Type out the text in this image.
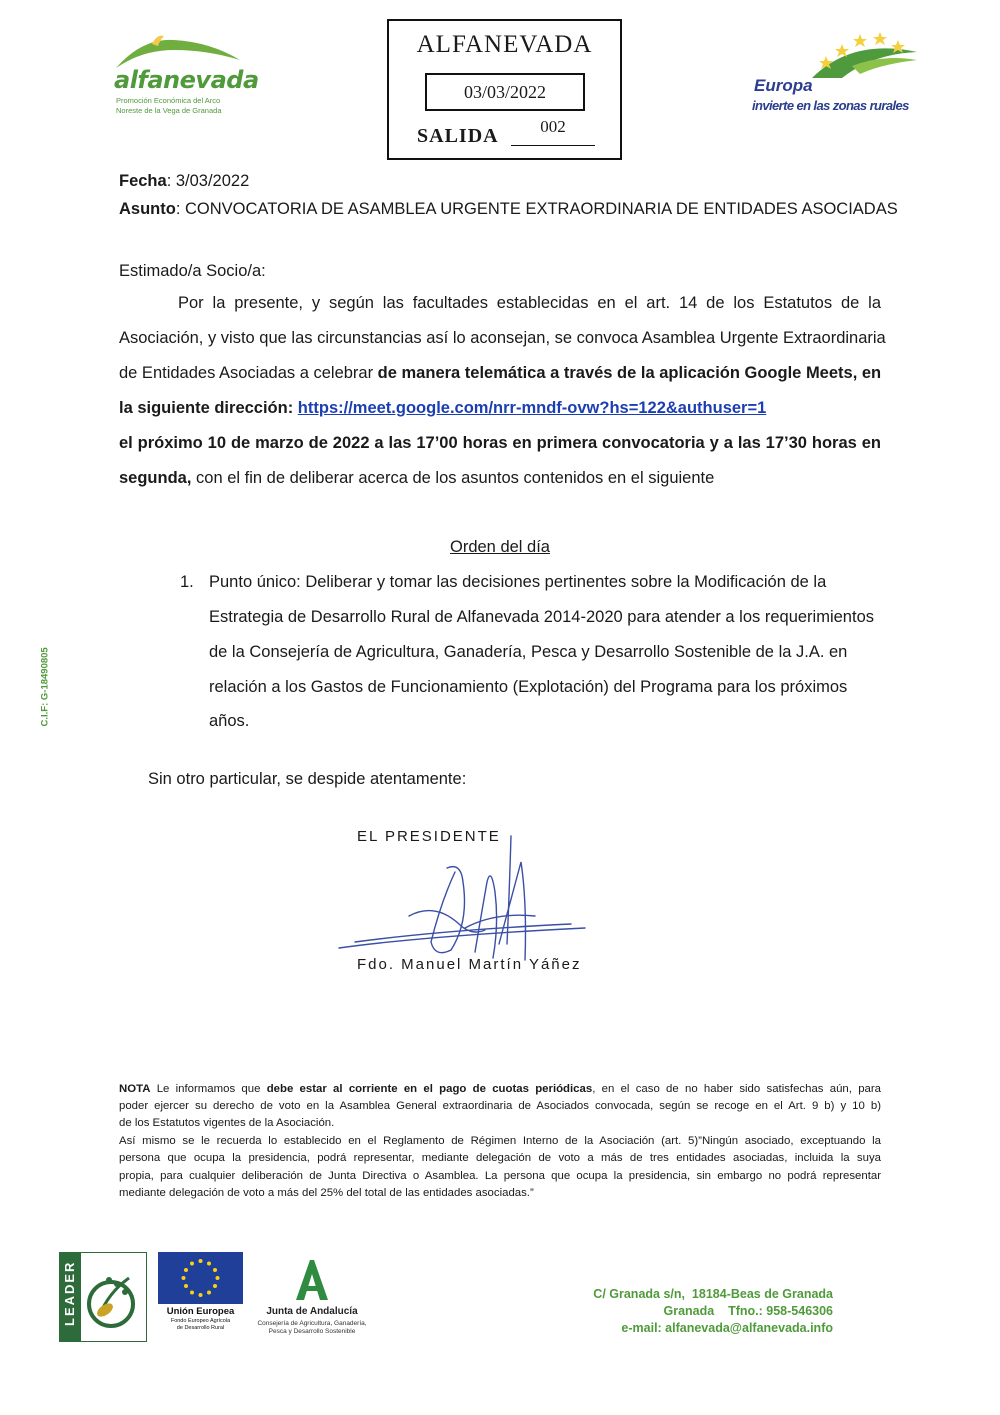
alfanevada
Promoción Económica del Arco
Noreste de la Vega de Granada
ALFANEVADA
03/03/2022
SALIDA	002
Europa
invierte en las zonas rurales
Fecha: 3/03/2022
Asunto: CONVOCATORIA DE ASAMBLEA URGENTE EXTRAORDINARIA DE ENTIDADES ASOCIADAS
Estimado/a Socio/a:
Por la presente, y según las facultades establecidas en el art. 14 de los Estatutos de la
Asociación, y visto que las circunstancias así lo aconsejan, se convoca Asamblea Urgente Extraordinaria
de Entidades Asociadas a celebrar de manera telemática a través de la aplicación Google Meets, en
la siguiente dirección: https://meet.google.com/nrr-mndf-ovw?hs=122&authuser=1
el próximo 10 de marzo de 2022 a las 17’00 horas en primera convocatoria y a las 17’30 horas en
segunda, con el fin de deliberar acerca de los asuntos contenidos en el siguiente
Orden del día
1. Punto único: Deliberar y tomar las decisiones pertinentes sobre la Modificación de la
Estrategia de Desarrollo Rural de Alfanevada 2014-2020 para atender a los requerimientos
de la Consejería de Agricultura, Ganadería, Pesca y Desarrollo Sostenible de la J.A. en
relación a los Gastos de Funcionamiento (Explotación) del Programa para los próximos
años.
Sin otro particular, se despide atentamente:
C.I.F: G-18490805
EL PRESIDENTE
Fdo. Manuel Martín Yáñez
NOTA Le informamos que debe estar al corriente en el pago de cuotas periódicas, en el caso de no haber sido satisfechas aún, para
poder ejercer su derecho de voto en la Asamblea General extraordinaria de Asociados convocada, según se recoge en el Art. 9 b) y 10 b)
de los Estatutos vigentes de la Asociación.
Así mismo se le recuerda lo establecido en el Reglamento de Régimen Interno de la Asociación (art. 5)”Ningún asociado, exceptuando la
persona que ocupa la presidencia, podrá representar, mediante delegación de voto a más de tres entidades asociadas, incluida la suya
propia, para cualquier deliberación de Junta Directiva o Asamblea. La persona que ocupa la presidencia, sin embargo no podrá representar
mediante delegación de voto a más del 25% del total de las entidades asociadas.”
LEADER	Unión Europea
Fondo Europeo Agrícola
de Desarrollo Rural
Junta de Andalucía
Consejería de Agricultura, Ganadería,
Pesca y Desarrollo Sostenible
C/ Granada s/n,  18184-Beas de Granada
Granada    Tfno.: 958-546306
e-mail: alfanevada@alfanevada.info
